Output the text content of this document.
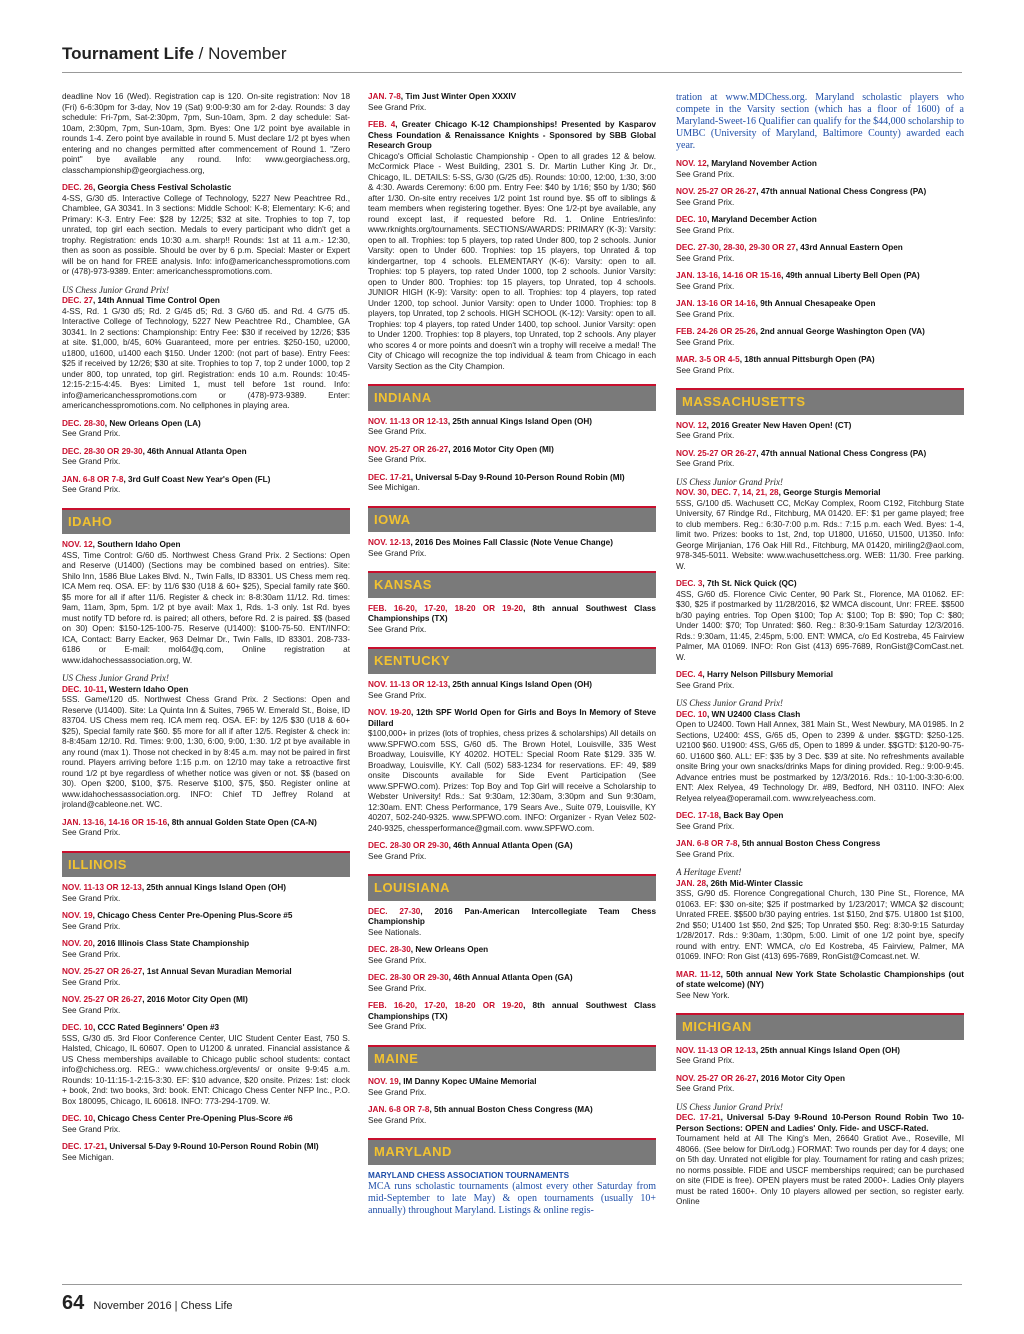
Tournament Life / November

deadline Nov 16 (Wed). Registration cap is 120. On-site registration: Nov 18 (Fri) 6-6:30pm for 3-day, Nov 19 (Sat) 9:00-9:30 am for 2-day. Rounds: 3 day schedule: Fri-7pm, Sat-2:30pm, 7pm, Sun-10am, 3pm. 2 day schedule: Sat-10am, 2:30pm, 7pm, Sun-10am, 3pm. Byes: One 1/2 point bye available in rounds 1-4. Zero point bye available in round 5. Must declare 1/2 pt byes when entering and no changes permitted after commencement of Round 1. "Zero point" bye available any round. Info: www.georgiachess.org, classchampionship@georgiachess.org,

DEC. 26, Georgia Chess Festival Scholastic
4-SS, G/30 d5. Interactive College of Technology, 5227 New Peachtree Rd., Chamblee, GA 30341. In 3 sections: Middle School: K-8; Elementary: K-6; and Primary: K-3. Entry Fee: $28 by 12/25; $32 at site. Trophies to top 7, top unrated, top girl each section. Medals to every participant who didn't get a trophy. Registration: ends 10:30 a.m. sharp!! Rounds: 1st at 11 a.m.- 12:30, then as soon as possible. Should be over by 6 p.m. Special: Master or Expert will be on hand for FREE analysis. Info: info@americanchesspromotions.com or (478)-973-9389. Enter: americanchesspromotions.com.

US Chess Junior Grand Prix!

DEC. 27, 14th Annual Time Control Open
4-SS, Rd. 1 G/30 d5; Rd. 2 G/45 d5; Rd. 3 G/60 d5. and Rd. 4 G/75 d5. Interactive College of Technology, 5227 New Peachtree Rd., Chamblee, GA 30341. In 2 sections: Championship: Entry Fee: $30 if received by 12/26; $35 at site. $1,000, b/45, 60% Guaranteed, more per entries. $250-150, u2000, u1800, u1600, u1400 each $150. Under 1200: (not part of base). Entry Fees: $25 if received by 12/26; $30 at site. Trophies to top 7, top 2 under 1000, top 2 under 800, top unrated, top girl. Registration: ends 10 a.m. Rounds: 10:45-12:15-2:15-4:45. Byes: Limited 1, must tell before 1st round. Info: info@americanchesspromotions.com or (478)-973-9389. Enter: americanchesspromotions.com. No cellphones in playing area.

DEC. 28-30, New Orleans Open (LA)
See Grand Prix.

DEC. 28-30 OR 29-30, 46th Annual Atlanta Open
See Grand Prix.

JAN. 6-8 OR 7-8, 3rd Gulf Coast New Year's Open (FL)
See Grand Prix.

IDAHO

NOV. 12, Southern Idaho Open
4SS, Time Control: G/60 d5. Northwest Chess Grand Prix. 2 Sections: Open and Reserve (U1400) (Sections may be combined based on entries). Site: Shilo Inn, 1586 Blue Lakes Blvd. N., Twin Falls, ID 83301. US Chess mem req. ICA Mem req. OSA. EF: by 11/6 $30 (U18 & 60+ $25), Special family rate $60. $5 more for all if after 11/6. Register & check in: 8-8:30am 11/12. Rd. times: 9am, 11am, 3pm, 5pm. 1/2 pt bye avail: Max 1, Rds. 1-3 only. 1st Rd. byes must notify TD before rd. is paired; all others, before Rd. 2 is paired. $$ (based on 30) Open: $150-125-100-75. Reserve (U1400): $100-75-50. ENT/INFO: ICA, Contact: Barry Eacker, 963 Delmar Dr., Twin Falls, ID 83301. 208-733-6186 or E-mail: mol64@q.com, Online registration at www.idahochessassociation.org, W.

US Chess Junior Grand Prix!

DEC. 10-11, Western Idaho Open
5SS. Game/120 d5. Northwest Chess Grand Prix. 2 Sections: Open and Reserve (U1400). Site: La Quinta Inn & Suites, 7965 W. Emerald St., Boise, ID 83704. US Chess mem req. ICA mem req. OSA. EF: by 12/5 $30 (U18 & 60+ $25), Special family rate $60. $5 more for all if after 12/5. Register & check in: 8-8:45am 12/10. Rd. Times: 9:00, 1:30, 6:00, 9:00, 1:30. 1/2 pt bye available in any round (max 1). Those not checked in by 8:45 a.m. may not be paired in first round. Players arriving before 1:15 p.m. on 12/10 may take a retroactive first round 1/2 pt bye regardless of whether notice was given or not. $$ (based on 30). Open $200, $100, $75. Reserve $100, $75, $50. Register online at www.idahochessassociation.org. INFO: Chief TD Jeffrey Roland at jroland@cableone.net. WC.

JAN. 13-16, 14-16 OR 15-16, 8th annual Golden State Open (CA-N)
See Grand Prix.

ILLINOIS

NOV. 11-13 OR 12-13, 25th annual Kings Island Open (OH)
See Grand Prix.

NOV. 19, Chicago Chess Center Pre-Opening Plus-Score #5
See Grand Prix.

NOV. 20, 2016 Illinois Class State Championship
See Grand Prix.

NOV. 25-27 OR 26-27, 1st Annual Sevan Muradian Memorial
See Grand Prix.

NOV. 25-27 OR 26-27, 2016 Motor City Open (MI)
See Grand Prix.

DEC. 10, CCC Rated Beginners' Open #3
5SS, G/30 d5. 3rd Floor Conference Center, UIC Student Center East, 750 S. Halsted, Chicago, IL 60607. Open to U1200 & unrated. Financial assistance & US Chess memberships available to Chicago public school students: contact info@chichess.org. REG.: www.chichess.org/events/ or onsite 9-9:45 a.m. Rounds: 10-11:15-1-2:15-3:30. EF: $10 advance, $20 onsite. Prizes: 1st: clock + book, 2nd: two books, 3rd: book. ENT: Chicago Chess Center NFP Inc., P.O. Box 180095, Chicago, IL 60618. INFO: 773-294-1709. W.

DEC. 10, Chicago Chess Center Pre-Opening Plus-Score #6
See Grand Prix.

DEC. 17-21, Universal 5-Day 9-Round 10-Person Round Robin (MI)
See Michigan.

JAN. 7-8, Tim Just Winter Open XXXIV
See Grand Prix.

FEB. 4, Greater Chicago K-12 Championships! Presented by Kasparov Chess Foundation & Renaissance Knights - Sponsored by SBB Global Research Group
Chicago's Official Scholastic Championship - Open to all grades 12 & below. McCormick Place - West Building, 2301 S. Dr. Martin Luther King Jr. Dr., Chicago, IL. DETAILS: 5-SS, G/30 (G/25 d5). Rounds: 10:00, 12:00, 1:30, 3:00 & 4:30. Awards Ceremony: 6:00 pm. Entry Fee: $40 by 1/16; $50 by 1/30; $60 after 1/30. On-site entry receives 1/2 point 1st round bye. $5 off to siblings & team members when registering together. Byes: One 1/2-pt bye available, any round except last, if requested before Rd. 1. Online Entries/info: www.rknights.org/tournaments. SECTIONS/AWARDS: PRIMARY (K-3): Varsity: open to all. Trophies: top 5 players, top rated Under 800, top 2 schools. Junior Varsity: open to Under 600. Trophies: top 15 players, top Unrated & top kindergartner, top 4 schools. ELEMENTARY (K-6): Varsity: open to all. Trophies: top 5 players, top rated Under 1000, top 2 schools. Junior Varsity: open to Under 800. Trophies: top 15 players, top Unrated, top 4 schools. JUNIOR HIGH (K-9): Varsity: open to all. Trophies: top 4 players, top rated Under 1200, top school. Junior Varsity: open to Under 1000. Trophies: top 8 players, top Unrated, top 2 schools. HIGH SCHOOL (K-12): Varsity: open to all. Trophies: top 4 players, top rated Under 1400, top school. Junior Varsity: open to Under 1200. Trophies: top 8 players, top Unrated, top 2 schools. Any player who scores 4 or more points and doesn't win a trophy will receive a medal! The City of Chicago will recognize the top individual & team from Chicago in each Varsity Section as the City Champion.

INDIANA

NOV. 11-13 OR 12-13, 25th annual Kings Island Open (OH)
See Grand Prix.

NOV. 25-27 OR 26-27, 2016 Motor City Open (MI)
See Grand Prix.

DEC. 17-21, Universal 5-Day 9-Round 10-Person Round Robin (MI)
See Michigan.

IOWA

NOV. 12-13, 2016 Des Moines Fall Classic (Note Venue Change)
See Grand Prix.

KANSAS

FEB. 16-20, 17-20, 18-20 OR 19-20, 8th annual Southwest Class Championships (TX)
See Grand Prix.

KENTUCKY

NOV. 11-13 OR 12-13, 25th annual Kings Island Open (OH)
See Grand Prix.

NOV. 19-20, 12th SPF World Open for Girls and Boys In Memory of Steve Dillard
$100,000+ in prizes (lots of trophies, chess prizes & scholarships) All details on www.SPFWO.com 5SS, G/60 d5. The Brown Hotel, Louisville, 335 West Broadway, Louisville, KY 40202. HOTEL: Special Room Rate $129. 335 W. Broadway, Louisville, KY. Call (502) 583-1234 for reservations. EF: 49, $89 onsite Discounts available for Side Event Participation (See www.SPFWO.com). Prizes: Top Boy and Top Girl will receive a Scholarship to Webster University! Rds.: Sat 9:30am, 12:30am, 3:30pm and Sun 9:30am, 12:30am. ENT: Chess Performance, 179 Sears Ave., Suite 079, Louisville, KY 40207, 502-240-9325. www.SPFWO.com. INFO: Organizer - Ryan Velez 502-240-9325, chessperformance@gmail.com. www.SPFWO.com.

DEC. 28-30 OR 29-30, 46th Annual Atlanta Open (GA)
See Grand Prix.

LOUISIANA

DEC. 27-30, 2016 Pan-American Intercollegiate Team Chess Championship
See Nationals.

DEC. 28-30, New Orleans Open
See Grand Prix.

DEC. 28-30 OR 29-30, 46th Annual Atlanta Open (GA)
See Grand Prix.

FEB. 16-20, 17-20, 18-20 OR 19-20, 8th annual Southwest Class Championships (TX)
See Grand Prix.

MAINE

NOV. 19, IM Danny Kopec UMaine Memorial
See Grand Prix.

JAN. 6-8 OR 7-8, 5th annual Boston Chess Congress (MA)
See Grand Prix.

MARYLAND
MARYLAND CHESS ASSOCIATION TOURNAMENTS

MCA runs scholastic tournaments (almost every other Saturday from mid-September to late May) & open tournaments (usually 10+ annually) throughout Maryland. Listings & online regis-

tration at www.MDChess.org. Maryland scholastic players who compete in the Varsity section (which has a floor of 1600) of a Maryland-Sweet-16 Qualifier can qualify for the $44,000 scholarship to UMBC (University of Maryland, Baltimore County) awarded each year.

NOV. 12, Maryland November Action
See Grand Prix.

NOV. 25-27 OR 26-27, 47th annual National Chess Congress (PA)
See Grand Prix.

DEC. 10, Maryland December Action
See Grand Prix.

DEC. 27-30, 28-30, 29-30 OR 27, 43rd Annual Eastern Open
See Grand Prix.

JAN. 13-16, 14-16 OR 15-16, 49th annual Liberty Bell Open (PA)
See Grand Prix.

JAN. 13-16 OR 14-16, 9th Annual Chesapeake Open
See Grand Prix.

FEB. 24-26 OR 25-26, 2nd annual George Washington Open (VA)
See Grand Prix.

MAR. 3-5 OR 4-5, 18th annual Pittsburgh Open (PA)
See Grand Prix.

MASSACHUSETTS

NOV. 12, 2016 Greater New Haven Open! (CT)
See Grand Prix.

NOV. 25-27 OR 26-27, 47th annual National Chess Congress (PA)
See Grand Prix.

US Chess Junior Grand Prix!

NOV. 30, DEC. 7, 14, 21, 28, George Sturgis Memorial
5SS, G/100 d5. Wachusett CC, McKay Complex, Room C192, Fitchburg State University, 67 Rindge Rd., Fitchburg, MA 01420. EF: $1 per game played; free to club members. Reg.: 6:30-7:00 p.m. Rds.: 7:15 p.m. each Wed. Byes: 1-4, limit two. Prizes: books to 1st, 2nd, top U1800, U1650, U1500, U1350. Info: George Mirijanian, 176 Oak Hill Rd., Fitchburg, MA 01420, miriling2@aol.com, 978-345-5011. Website: www.wachusettchess.org. WEB: 11/30. Free parking. W.

DEC. 3, 7th St. Nick Quick (QC)
4SS, G/60 d5. Florence Civic Center, 90 Park St., Florence, MA 01062. EF: $30, $25 if postmarked by 11/28/2016, $2 WMCA discount, Unr: FREE. $$500 b/30 paying entries. Top Open $100; Top A: $100; Top B: $90; Top C: $80; Under 1400: $70; Top Unrated: $60. Reg.: 8:30-9:15am Saturday 12/3/2016. Rds.: 9:30am, 11:45, 2:45pm, 5:00. ENT: WMCA, c/o Ed Kostreba, 45 Fairview Palmer, MA 01069. INFO: Ron Gist (413) 695-7689, RonGist@ComCast.net. W.

DEC. 4, Harry Nelson Pillsbury Memorial
See Grand Prix.

US Chess Junior Grand Prix!

DEC. 10, WN U2400 Class Clash
Open to U2400. Town Hall Annex, 381 Main St., West Newbury, MA 01985. In 2 Sections, U2400: 4SS, G/65 d5, Open to 2399 & under. $$GTD: $250-125. U2100 $60. U1900: 4SS, G/65 d5, Open to 1899 & under. $$GTD: $120-90-75-60. U1600 $60. ALL: EF: $35 by 3 Dec. $39 at site. No refreshments available onsite Bring your own snacks/drinks Maps for dining provided. Reg.: 9:00-9:45. Advance entries must be postmarked by 12/3/2016. Rds.: 10-1:00-3:30-6:00. ENT: Alex Relyea, 49 Technology Dr. #89, Bedford, NH 03110. INFO: Alex Relyea relyea@operamail.com. www.relyeachess.com.

DEC. 17-18, Back Bay Open
See Grand Prix.

JAN. 6-8 OR 7-8, 5th annual Boston Chess Congress
See Grand Prix.

A Heritage Event!

JAN. 28, 26th Mid-Winter Classic
3SS, G/90 d5. Florence Congregational Church, 130 Pine St., Florence, MA 01063. EF: $30 on-site; $25 if postmarked by 1/23/2017; WMCA $2 discount; Unrated FREE. $$500 b/30 paying entries. 1st $150, 2nd $75. U1800 1st $100, 2nd $50; U1400 1st $50, 2nd $25; Top Unrated $50. Reg: 8:30-9:15 Saturday 1/28/2017. Rds.: 9:30am, 1:30pm, 5:00. Limit of one 1/2 point bye, specify round with entry. ENT: WMCA, c/o Ed Kostreba, 45 Fairview, Palmer, MA 01069. INFO: Ron Gist (413) 695-7689, RonGist@Comcast.net. W.

MAR. 11-12, 50th annual New York State Scholastic Championships (out of state welcome) (NY)
See New York.

MICHIGAN

NOV. 11-13 OR 12-13, 25th annual Kings Island Open (OH)
See Grand Prix.

NOV. 25-27 OR 26-27, 2016 Motor City Open
See Grand Prix.

US Chess Junior Grand Prix!

DEC. 17-21, Universal 5-Day 9-Round 10-Person Round Robin Two 10-Person Sections: OPEN and Ladies' Only. Fide- and USCF-Rated.
Tournament held at All The King's Men, 26640 Gratiot Ave., Roseville, MI 48066. (See below for Dir/Lodg.) FORMAT: Two rounds per day for 4 days; one on 5th day. Unrated not eligible for play. Tournament for rating and cash prizes; no norms possible. FIDE and USCF memberships required; can be purchased on site (FIDE is free). OPEN players must be rated 2000+. Ladies Only players must be rated 1600+. Only 10 players allowed per section, so register early. Online

64 November 2016 | Chess Life
